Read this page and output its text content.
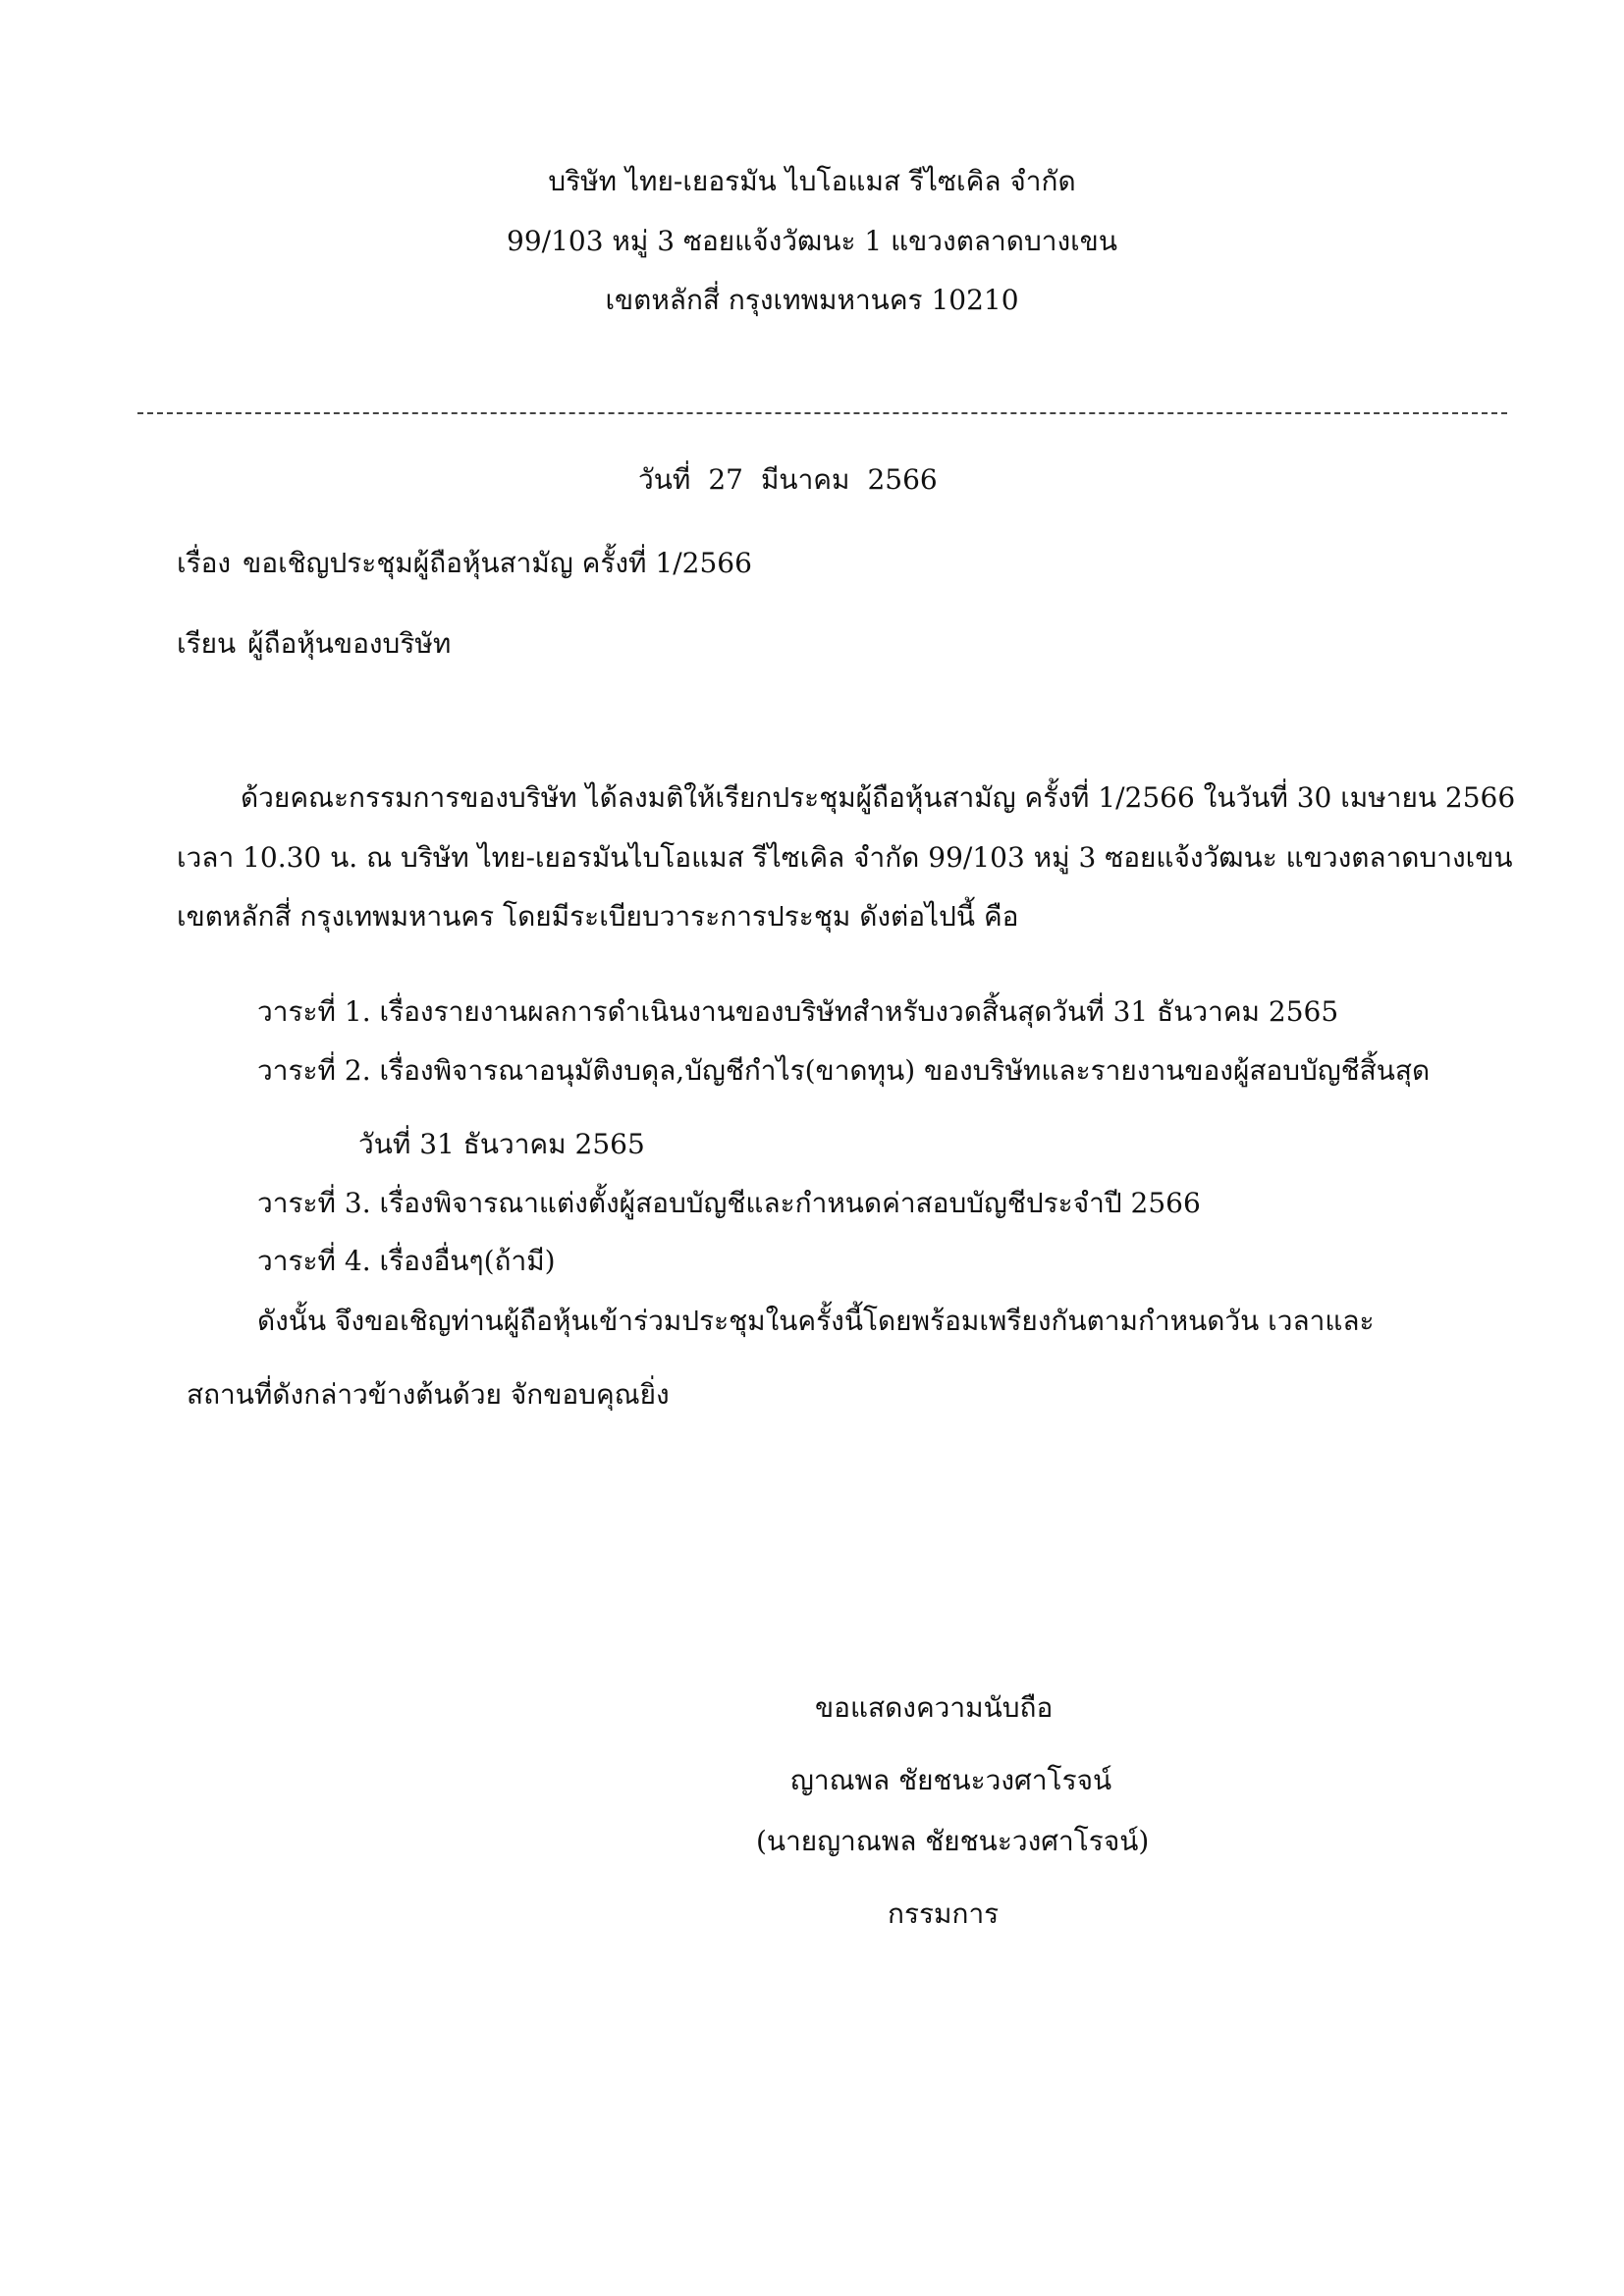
บริษัท ไทย-เยอรมัน ไบโอแมส รีไซเคิล จำกัด
99/103 หมู่ 3 ซอยแจ้งวัฒนะ 1 แขวงตลาดบางเขน
เขตหลักสี่ กรุงเทพมหานคร 10210
วันที่ 27 มีนาคม 2566
เรื่อง ขอเชิญประชุมผู้ถือหุ้นสามัญ ครั้งที่ 1/2566
เรียน ผู้ถือหุ้นของบริษัท
ด้วยคณะกรรมการของบริษัท ได้ลงมติให้เรียกประชุมผู้ถือหุ้นสามัญ ครั้งที่ 1/2566 ในวันที่ 30 เมษายน 2566
เวลา 10.30 น. ณ บริษัท ไทย-เยอรมันไบโอแมส รีไซเคิล จำกัด 99/103 หมู่ 3 ซอยแจ้งวัฒนะ แขวงตลาดบางเขน
เขตหลักสี่ กรุงเทพมหานคร โดยมีระเบียบวาระการประชุม ดังต่อไปนี้ คือ
วาระที่ 1. เรื่องรายงานผลการดำเนินงานของบริษัทสำหรับงวดสิ้นสุดวันที่ 31 ธันวาคม 2565
วาระที่ 2. เรื่องพิจารณาอนุมัติงบดุล,บัญชีกำไร(ขาดทุน) ของบริษัทและรายงานของผู้สอบบัญชีสิ้นสุด
วันที่ 31 ธันวาคม 2565
วาระที่ 3. เรื่องพิจารณาแต่งตั้งผู้สอบบัญชีและกำหนดค่าสอบบัญชีประจำปี 2566
วาระที่ 4. เรื่องอื่นๆ(ถ้ามี)
ดังนั้น จึงขอเชิญท่านผู้ถือหุ้นเข้าร่วมประชุมในครั้งนี้โดยพร้อมเพรียงกันตามกำหนดวัน เวลาและ
สถานที่ดังกล่าวข้างต้นด้วย จักขอบคุณยิ่ง
ขอแสดงความนับถือ
ญาณพล ชัยชนะวงศาโรจน์
(นายญาณพล ชัยชนะวงศาโรจน์)
กรรมการ
